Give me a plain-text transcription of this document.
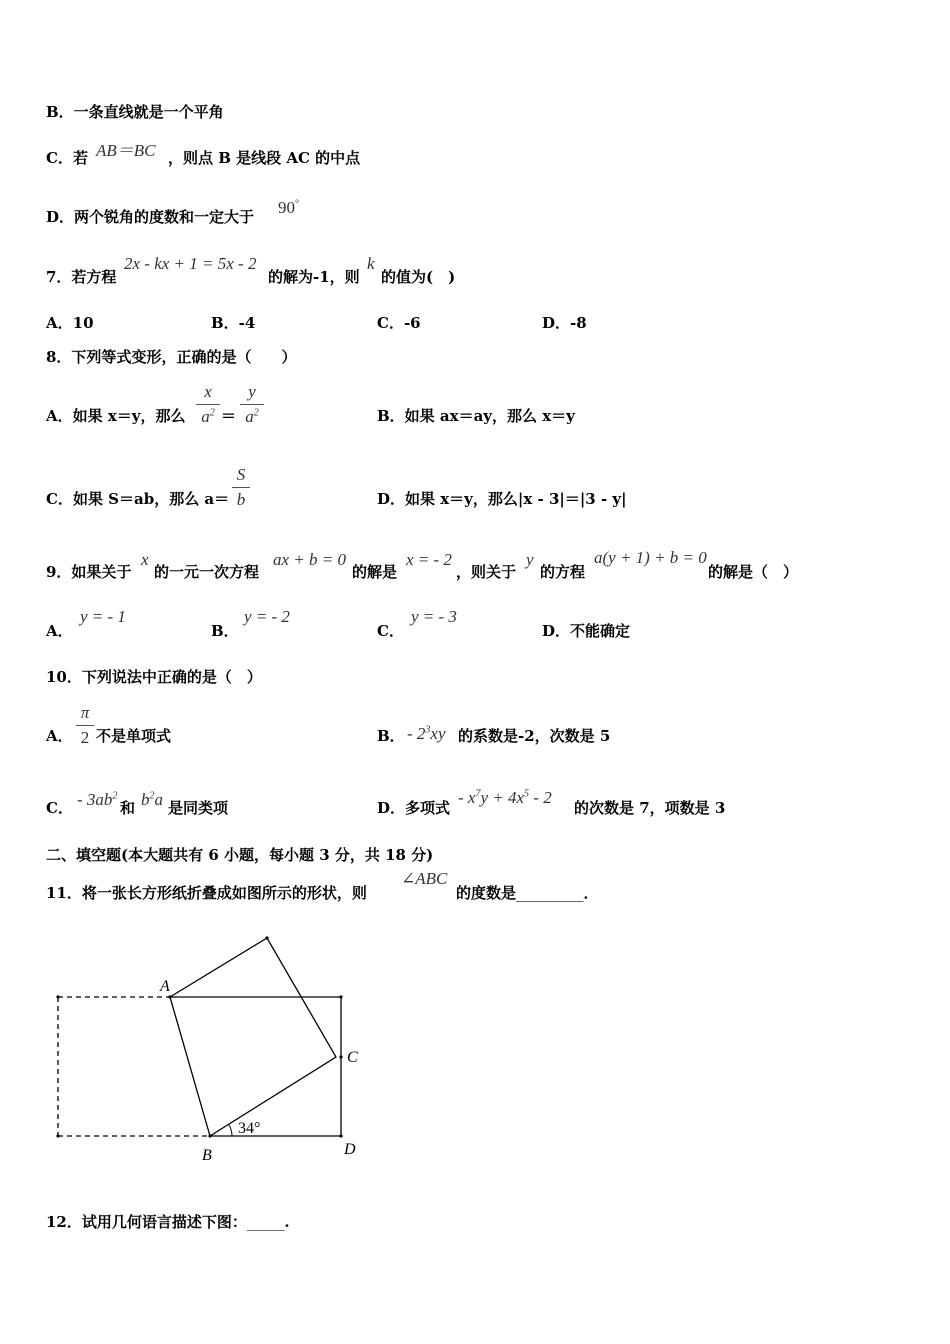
B．一条直线就是一个平角
C．若 AB＝BC ，则点 B 是线段 AC 的中点
D．两个锐角的度数和一定大于 90°
7．若方程
2x - kx + 1 = 5x - 2
的解为-1，则
k
的值为(　)
A．10	B．-4	C．-6	D．-8
8．下列等式变形，正确的是（　　）
A．如果 x＝y，那么
x
$a^2$ ＝
y
$a^2$	B．如果 ax＝ay，那么 x＝y
C．如果 S＝ab，那么 a＝
S
b	D．如果 x＝y，那么|x - 3|＝|3 - y|
9．如果关于
x
的一元一次方程
ax + b = 0
的解是
x = - 2
，则关于
y
的方程
a(y + 1) + b = 0
的解是（　）
A．
y = - 1
B．
y = - 2
C．
y = - 3
D．不能确定
10．下列说法中正确的是（　）
A．
π
2 不是单项式	B． - $2^3xy$ 的系数是-2，次数是 5
C． - $3ab^2$
和 $b^2a$ 是同类项	D．多项式
- $x^7y + 4x^5 - 2$
的次数是 7，项数是 3
二、填空题(本大题共有 6 小题，每小题 3 分，共 18 分)
11．将一张长方形纸折叠成如图所示的形状，则
∠ABC
的度数是_________．
A
B
C
D
34°
12．试用几何语言描述下图：_____.
